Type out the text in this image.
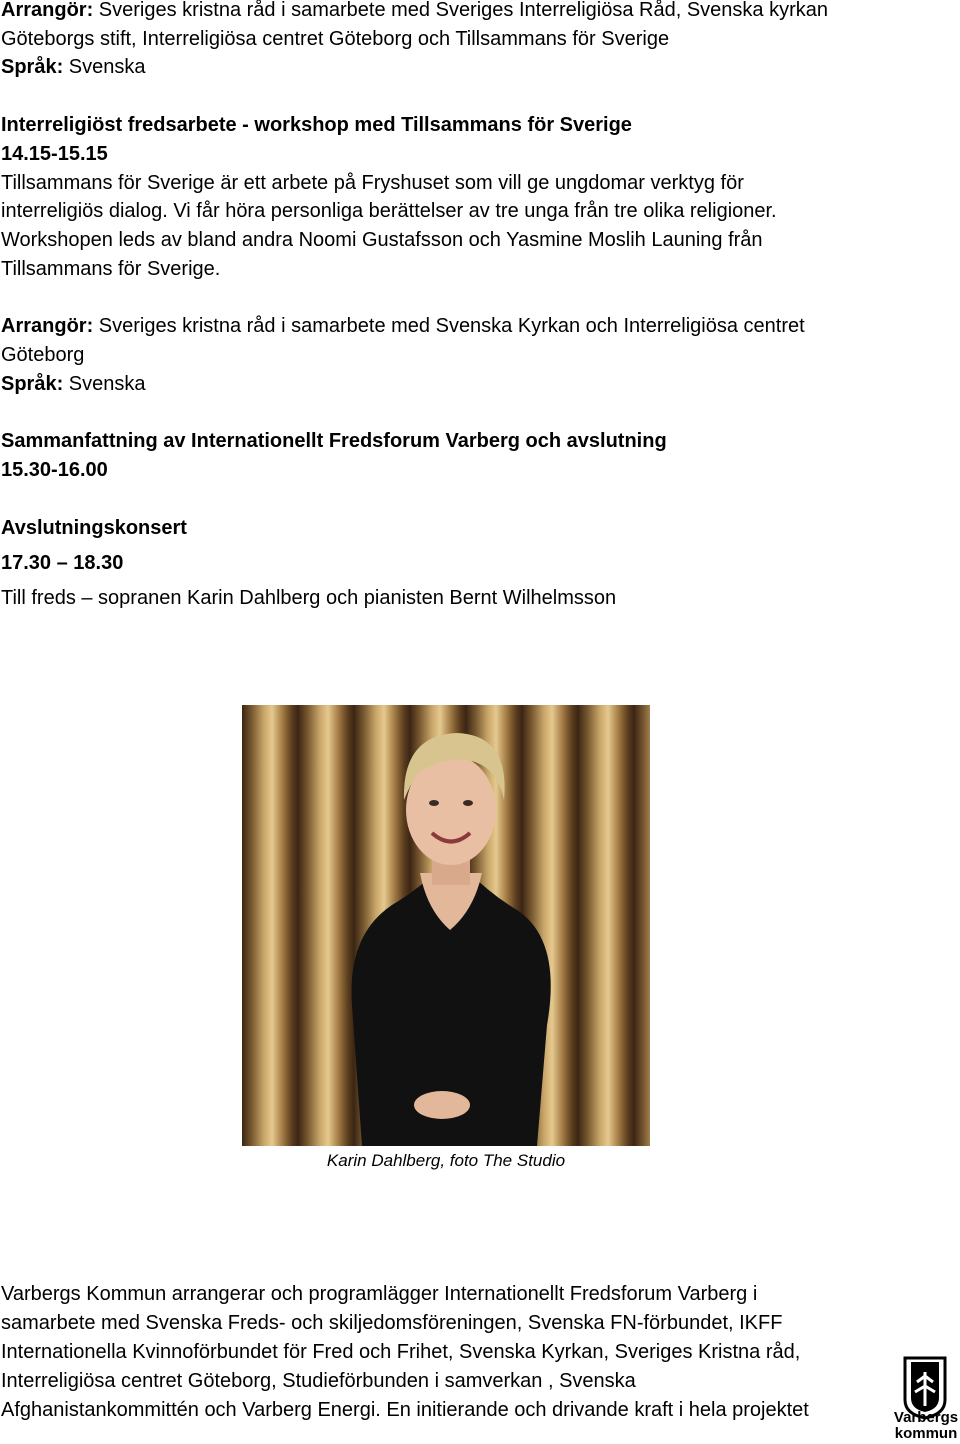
Arrangör: Sveriges kristna råd i samarbete med Sveriges Interreligiösa Råd, Svenska kyrkan
Göteborgs stift, Interreligiösa centret Göteborg och Tillsammans för Sverige
Språk: Svenska
Interreligiöst fredsarbete - workshop med Tillsammans för Sverige
14.15-15.15
Tillsammans för Sverige är ett arbete på Fryshuset som vill ge ungdomar verktyg för
interreligiös dialog. Vi får höra personliga berättelser av tre unga från tre olika religioner.
Workshopen leds av bland andra Noomi Gustafsson och Yasmine Moslih Launing från
Tillsammans för Sverige.
Arrangör: Sveriges kristna råd i samarbete med Svenska Kyrkan och Interreligiösa centret
Göteborg
Språk: Svenska
Sammanfattning av Internationellt Fredsforum Varberg och avslutning
15.30-16.00
Avslutningskonsert
17.30 – 18.30
Till freds – sopranen Karin Dahlberg och pianisten Bernt Wilhelmsson
Karin Dahlberg, foto The Studio
Varbergs Kommun arrangerar och programlägger Internationellt Fredsforum Varberg i
samarbete med Svenska Freds- och skiljedomsföreningen, Svenska FN-förbundet, IKFF
Internationella Kvinnoförbundet för Fred och Frihet, Svenska Kyrkan, Sveriges Kristna råd,
Interreligiösa centret Göteborg, Studieförbunden i samverkan , Svenska
Afghanistankommittén och Varberg Energi. En initierande och drivande kraft i hela projektet	Varbergs
kommun
